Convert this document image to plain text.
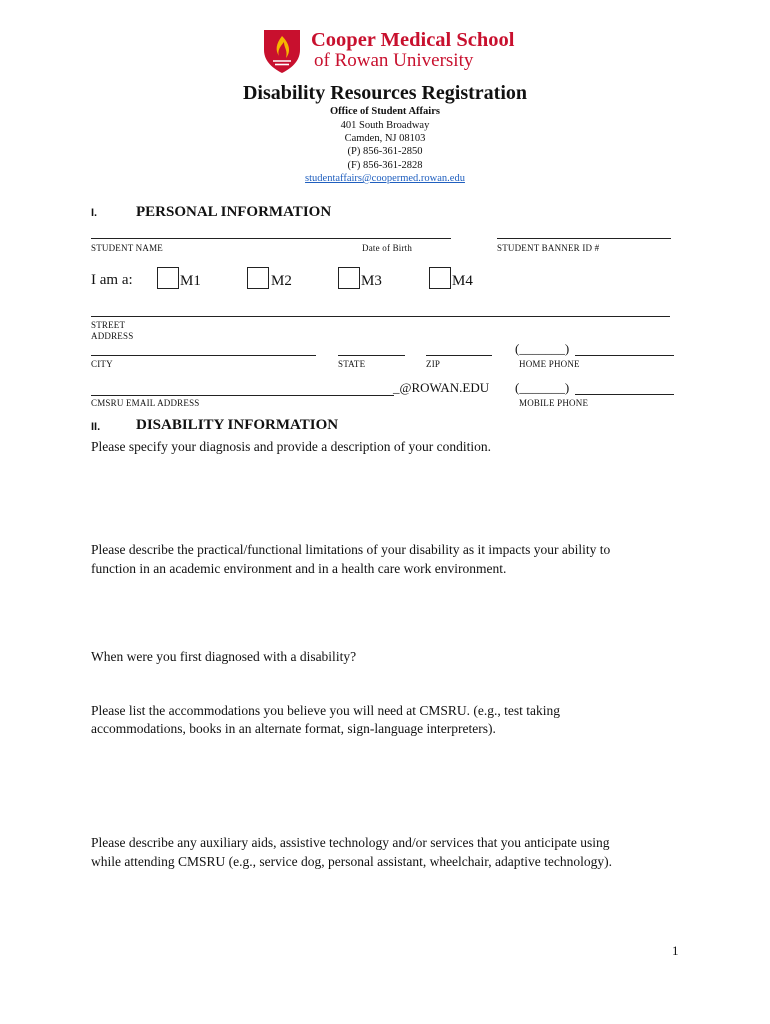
Cooper Medical School
of Rowan University
Disability Resources Registration
Office of Student Affairs
401 South Broadway
Camden, NJ 08103
(P) 856-361-2850
(F) 856-361-2828
studentaffairs@coopermed.rowan.edu
I.	PERSONAL INFORMATION
STUDENT NAME	Date of Birth	STUDENT BANNER ID #
I am a:	M1	M2	M3	M4
STREET
ADDRESS
(_______)
CITY	STATE	ZIP	HOME PHONE
_@ROWAN.EDU (_______)
CMSRU EMAIL ADDRESS	MOBILE PHONE
II. DISABILITY INFORMATION
Please specify your diagnosis and provide a description of your condition.
Please describe the practical/functional limitations of your disability as it impacts your ability to
function in an academic environment and in a health care work environment.
When were you first diagnosed with a disability?
Please list the accommodations you believe you will need at CMSRU. (e.g., test taking
accommodations, books in an alternate format, sign-language interpreters).
Please describe any auxiliary aids, assistive technology and/or services that you anticipate using
while attending CMSRU (e.g., service dog, personal assistant, wheelchair, adaptive technology).
1
